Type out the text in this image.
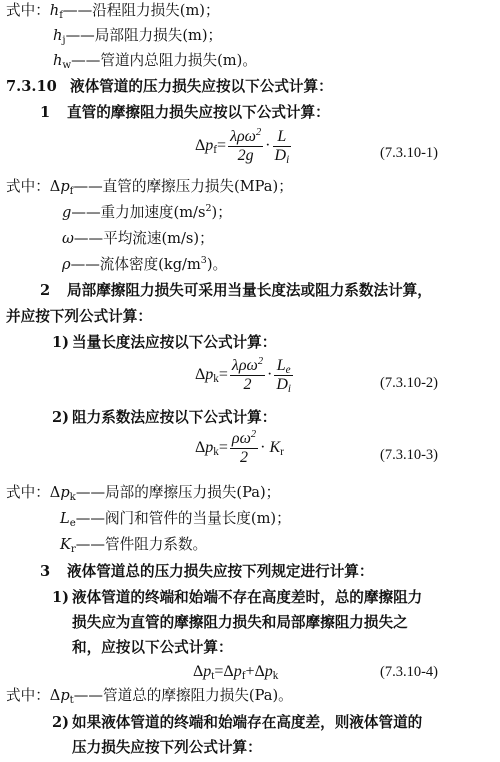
式中：$h_f——$沿程阻力损失(m)；
$h_j——$局部阻力损失(m)；
$h_w——$管道内总阻力损失(m)。
7.3.10 液体管道的压力损失应按以下公式计算：
1 直管的摩擦阻力损失应按以下公式计算：
$\Delta p_f= \frac{\lambda\rho\omega^2}{2g} \cdot \frac{L}{D_i}$	(7.3.10-1)
式中：$\Delta p_f——$直管的摩擦压力损失(MPa)；
g——重力加速度$(m/s^2)$；
ω——平均流速(m/s)；
ρ——流体密度$(kg/m^3)$。
2 局部摩擦阻力损失可采用当量长度法或阻力系数法计算，
并应按下列公式计算：
1) 当量长度法应按以下公式计算：
$\Delta p_k= \frac{\lambda\rho\omega^2}{2} \cdot \frac{L_e}{D_i}$	(7.3.10-2)
2) 阻力系数法应按以下公式计算：
$\Delta p_k= \frac{\rho\omega^2}{2} \cdot K_r$	(7.3.10-3)
式中：$\Delta p_k——$局部的摩擦压力损失(Pa)；
$L_e——$阀门和管件的当量长度(m)；
$K_r——$管件阻力系数。
3 液体管道总的压力损失应按下列规定进行计算：
1) 液体管道的终端和始端不存在高度差时，总的摩擦阻力
损失应为直管的摩擦阻力损失和局部摩擦阻力损失之
和，应按以下公式计算：
$\Delta p_t=\Delta p_f+\Delta p_k$	(7.3.10-4)
式中：$\Delta p_t——$管道总的摩擦阻力损失(Pa)。
2) 如果液体管道的终端和始端存在高度差，则液体管道的
压力损失应按下列公式计算：
